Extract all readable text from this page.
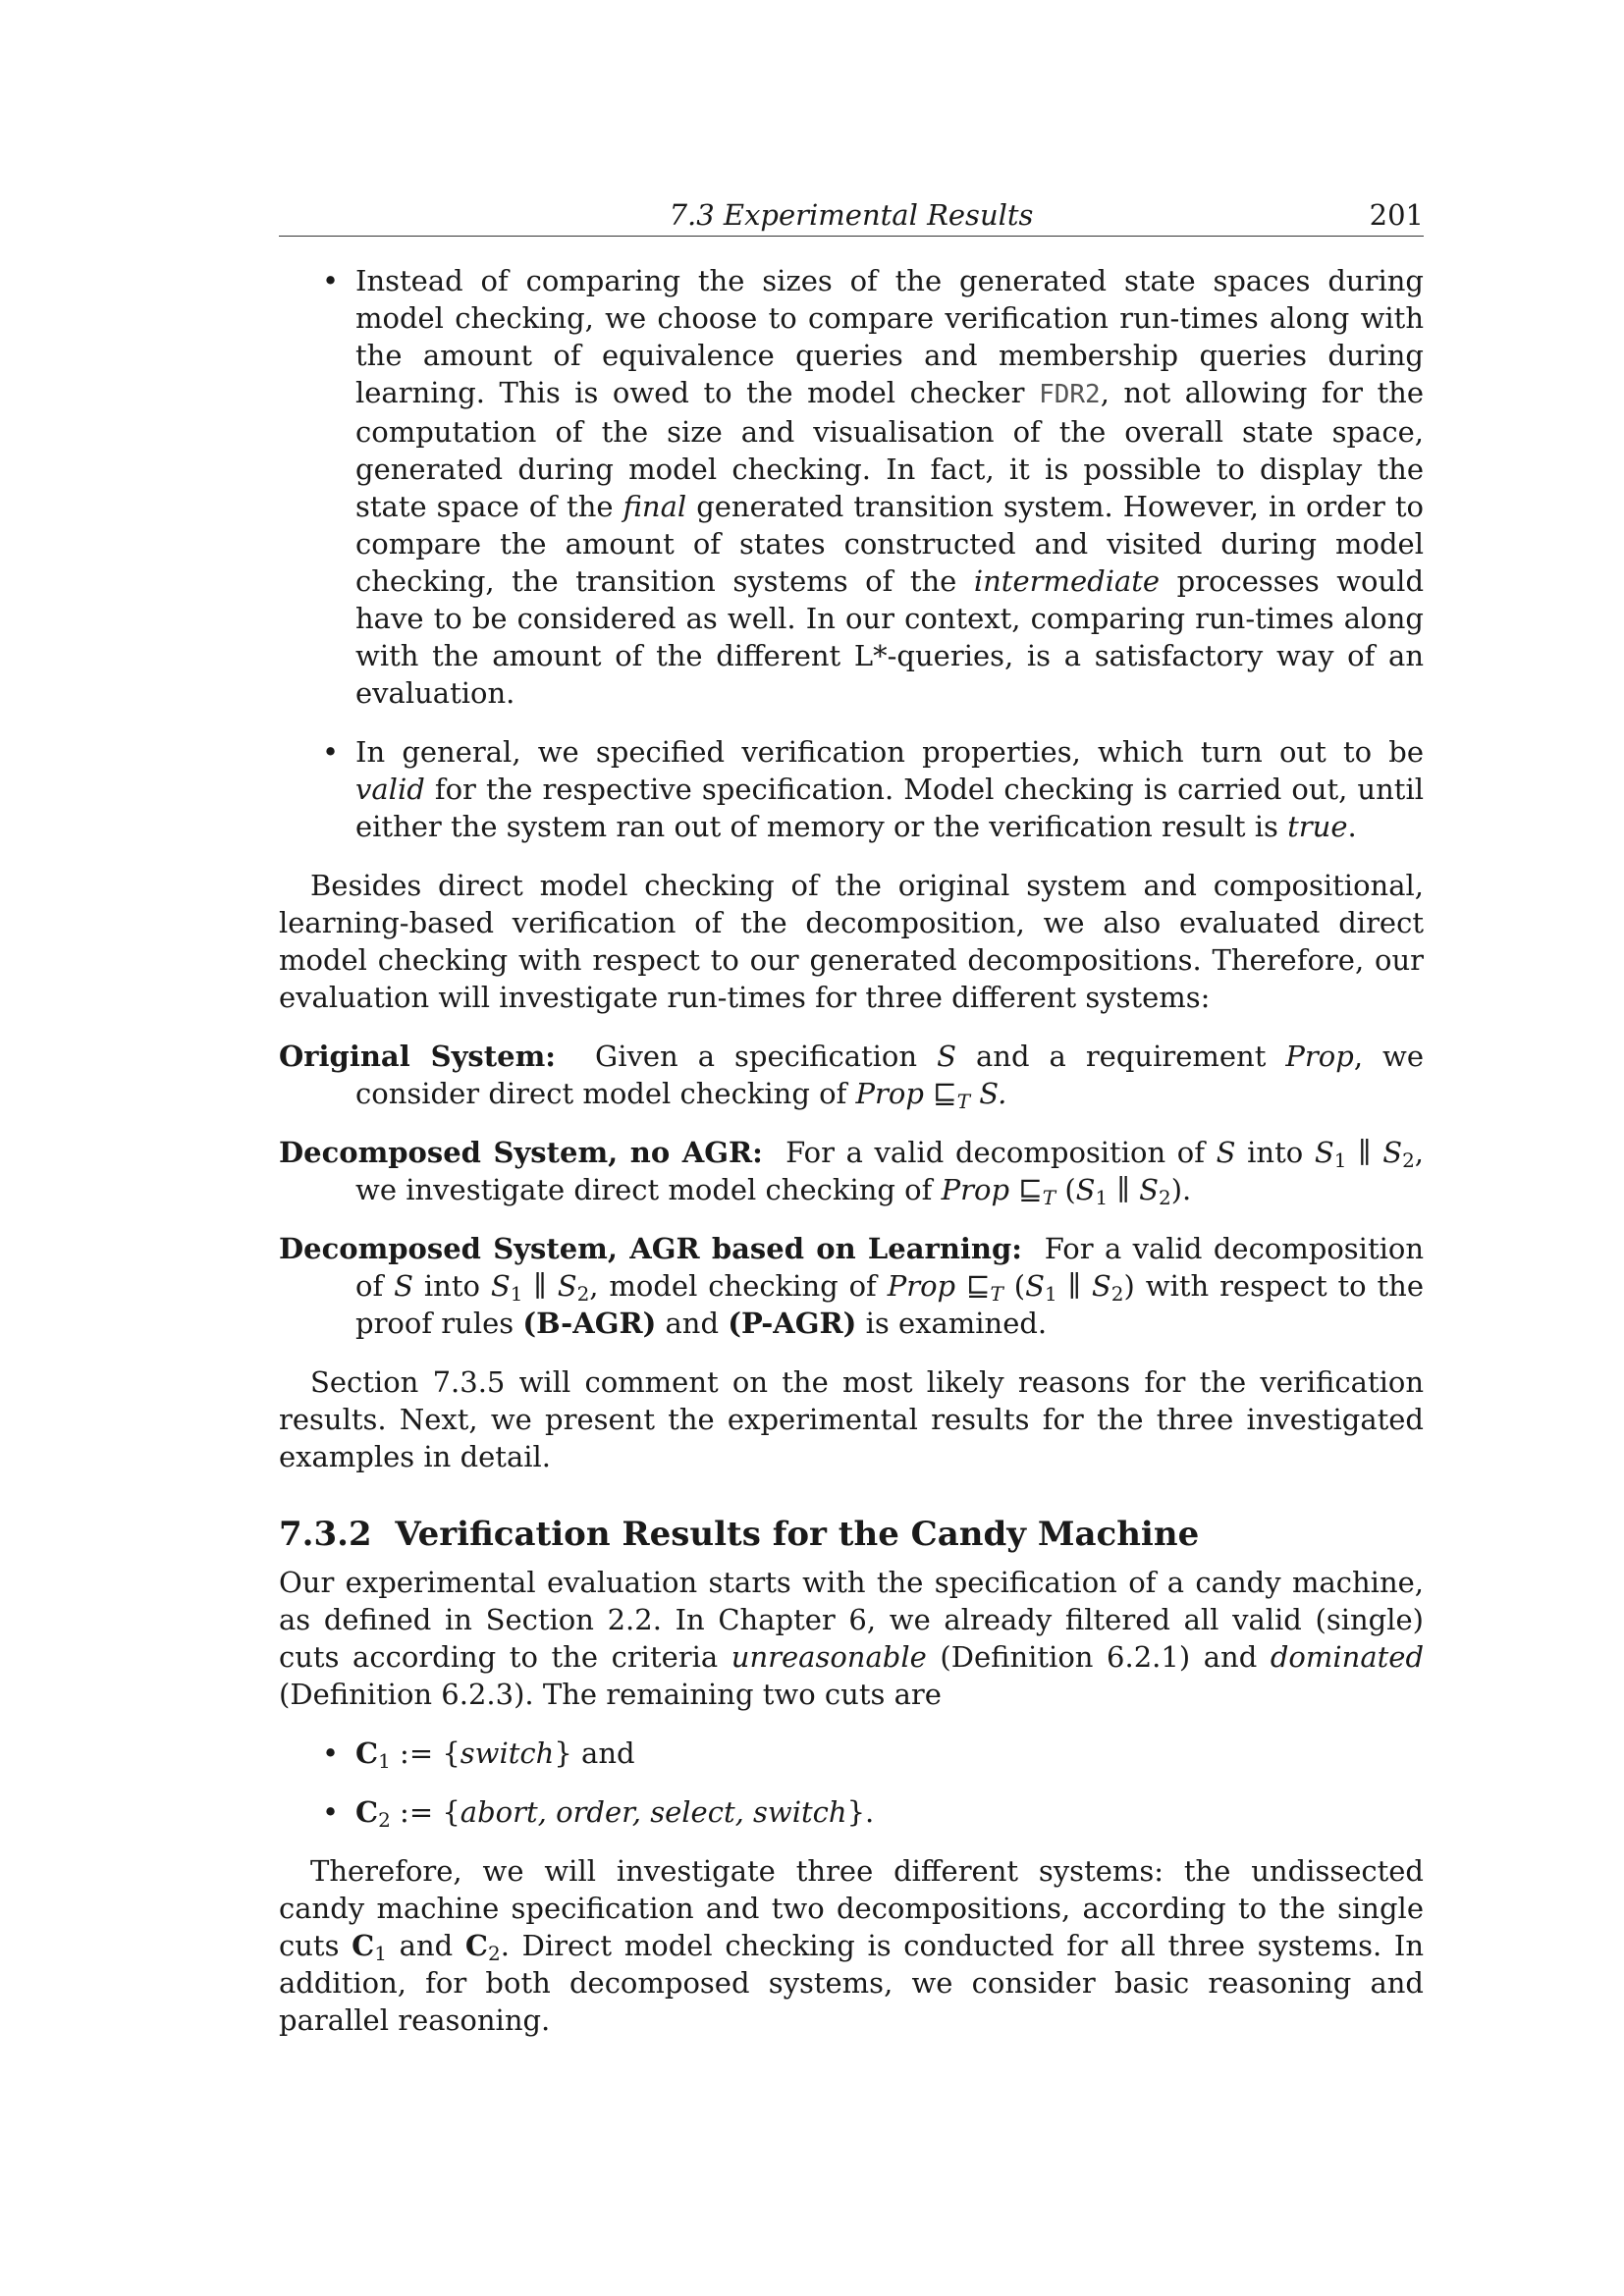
7.3 Experimental Results	201
• Instead of comparing the sizes of the generated state spaces during model checking, we choose to compare verification run-times along with the amount of equivalence queries and membership queries during learning. This is owed to the model checker FDR2, not allowing for the computation of the size and visualisation of the overall state space, generated during model checking. In fact, it is possible to display the state space of the final generated transition system. However, in order to compare the amount of states constructed and visited during model checking, the transition systems of the intermediate processes would have to be considered as well. In our context, comparing run-times along with the amount of the different L*-queries, is a satisfactory way of an evaluation.
• In general, we specified verification properties, which turn out to be valid for the respective specification. Model checking is carried out, until either the system ran out of memory or the verification result is true.

Besides direct model checking of the original system and compositional, learning-based verification of the decomposition, we also evaluated direct model checking with respect to our generated decompositions. Therefore, our evaluation will investigate run-times for three different systems:

Original System: Given a specification S and a requirement Prop, we consider direct model checking of Prop $⊑_T$ S.

Decomposed System, no AGR: For a valid decomposition of S into $S_1$ ∥ $S_2$, we investigate direct model checking of Prop $⊑_T$ ($S_1$ ∥ $S_2$).

Decomposed System, AGR based on Learning: For a valid decomposition of S into $S_1$ ∥ $S_2$, model checking of Prop $⊑_T$ ($S_1$ ∥ $S_2$) with respect to the proof rules (B-AGR) and (P-AGR) is examined.

Section 7.3.5 will comment on the most likely reasons for the verification results. Next, we present the experimental results for the three investigated examples in detail.

7.3.2 Verification Results for the Candy Machine

Our experimental evaluation starts with the specification of a candy machine, as defined in Section 2.2. In Chapter 6, we already filtered all valid (single) cuts according to the criteria unreasonable (Definition 6.2.1) and dominated (Definition 6.2.3). The remaining two cuts are

• $C_1$ := {switch} and
• $C_2$ := {abort, order, select, switch}.

Therefore, we will investigate three different systems: the undissected candy machine specification and two decompositions, according to the single cuts $C_1$ and $C_2$. Direct model checking is conducted for all three systems. In addition, for both decomposed systems, we consider basic reasoning and parallel reasoning.
